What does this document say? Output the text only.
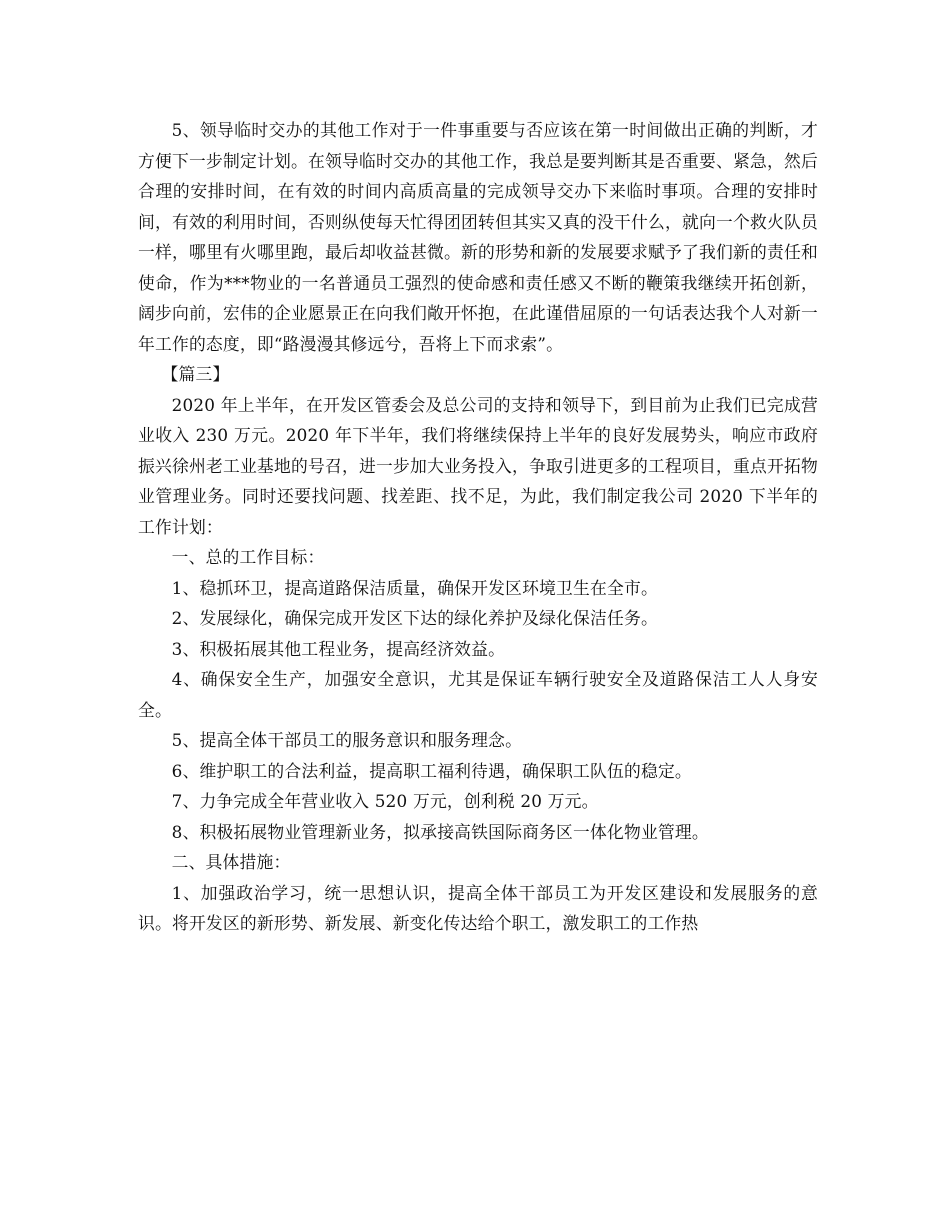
5、领导临时交办的其他工作对于一件事重要与否应该在第一时间做出正确的判断，才方便下一步制定计划。在领导临时交办的其他工作，我总是要判断其是否重要、紧急，然后合理的安排时间，在有效的时间内高质高量的完成领导交办下来临时事项。合理的安排时间，有效的利用时间，否则纵使每天忙得团团转但其实又真的没干什么，就向一个救火队员一样，哪里有火哪里跑，最后却收益甚微。新的形势和新的发展要求赋予了我们新的责任和使命，作为***物业的一名普通员工强烈的使命感和责任感又不断的鞭策我继续开拓创新，阔步向前，宏伟的企业愿景正在向我们敞开怀抱，在此谨借屈原的一句话表达我个人对新一年工作的态度，即“路漫漫其修远兮，吾将上下而求索”。

【篇三】

2020 年上半年，在开发区管委会及总公司的支持和领导下，到目前为止我们已完成营业收入 230 万元。2020 年下半年，我们将继续保持上半年的良好发展势头，响应市政府振兴徐州老工业基地的号召，进一步加大业务投入，争取引进更多的工程项目，重点开拓物业管理业务。同时还要找问题、找差距、找不足，为此，我们制定我公司 2020 下半年的工作计划：

一、总的工作目标：

1、稳抓环卫，提高道路保洁质量，确保开发区环境卫生在全市。

2、发展绿化，确保完成开发区下达的绿化养护及绿化保洁任务。

3、积极拓展其他工程业务，提高经济效益。

4、确保安全生产，加强安全意识，尤其是保证车辆行驶安全及道路保洁工人人身安全。

5、提高全体干部员工的服务意识和服务理念。

6、维护职工的合法利益，提高职工福利待遇，确保职工队伍的稳定。

7、力争完成全年营业收入 520 万元，创利税 20 万元。

8、积极拓展物业管理新业务，拟承接高铁国际商务区一体化物业管理。

二、具体措施：

1、加强政治学习，统一思想认识，提高全体干部员工为开发区建设和发展服务的意识。将开发区的新形势、新发展、新变化传达给个职工，激发职工的工作热
